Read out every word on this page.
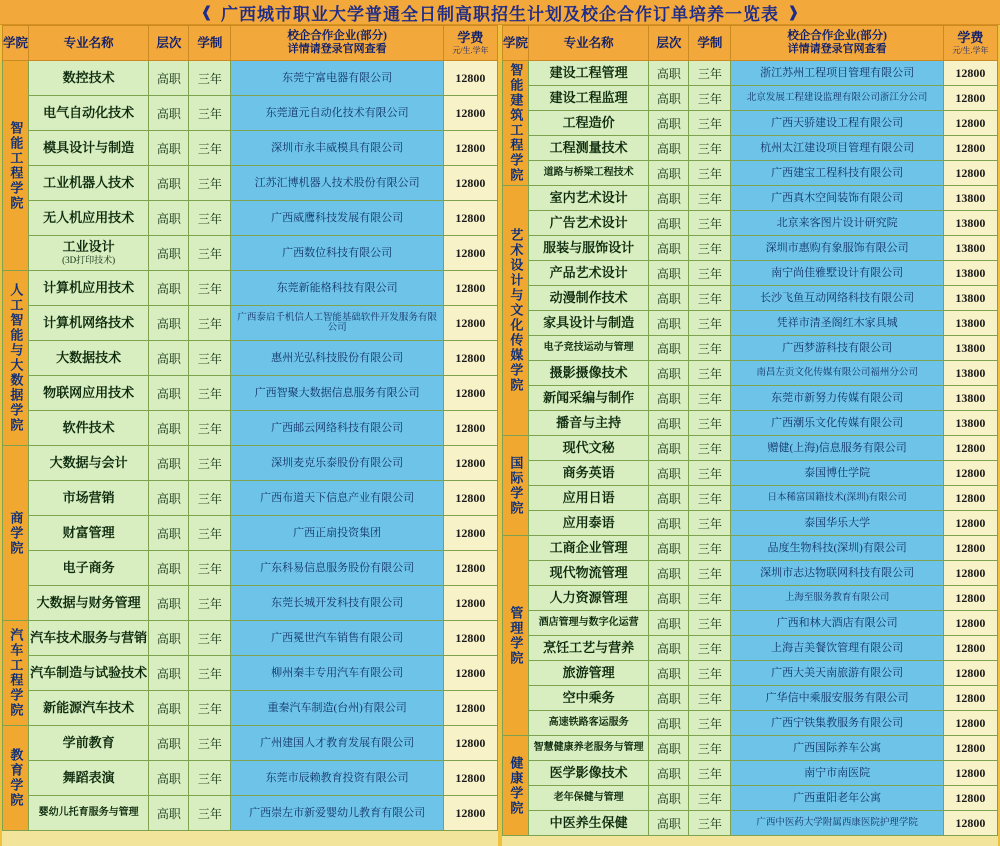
❰ 广西城市职业大学普通全日制高职招生计划及校企合作订单培养一览表 ❱
学院	专业名称	层次	学制	校企合作企业(部分)
详情请登录官网查看	学费
元/生.学年

智能工程学院	数控技术	高职	三年	东莞宁富电器有限公司	12800
	电气自动化技术	高职	三年	东莞道元自动化技术有限公司	12800
	模具设计与制造	高职	三年	深圳市永丰威模具有限公司	12800
	工业机器人技术	高职	三年	江苏汇博机器人技术股份有限公司	12800
	无人机应用技术	高职	三年	广西威鹰科技发展有限公司	12800
	工业设计
(3D打印技术)	高职	三年	广西数位科技有限公司	12800
人工智能与大数据学院	计算机应用技术	高职	三年	东莞新能格科技有限公司	12800
	计算机网络技术	高职	三年	广西泰启千机信人工智能基础软件开发服务有限公司	12800
	大数据技术	高职	三年	惠州光弘科技股份有限公司	12800
	物联网应用技术	高职	三年	广西智聚大数据信息服务有限公司	12800
	软件技术	高职	三年	广西邮云网络科技有限公司	12800
商学院	大数据与会计	高职	三年	深圳麦克乐泰股份有限公司	12800
	市场营销	高职	三年	广西布道天下信息产业有限公司	12800
	财富管理	高职	三年	广西正扇投资集团	12800
	电子商务	高职	三年	广东科易信息服务股份有限公司	12800
	大数据与财务管理	高职	三年	东莞长城开发科技有限公司	12800
汽车工程学院	汽车技术服务与营销	高职	三年	广西冕世汽车销售有限公司	12800
	汽车制造与试验技术	高职	三年	柳州秦丰专用汽车有限公司	12800
	新能源汽车技术	高职	三年	重秦汽车制造(台州)有限公司	12800
教育学院	学前教育	高职	三年	广州建国人才教育发展有限公司	12800
	舞蹈表演	高职	三年	东莞市辰赖教育投资有限公司	12800
	婴幼儿托育服务与管理	高职	三年	广西崇左市新爱婴幼儿教育有限公司	12800
学院	专业名称	层次	学制	校企合作企业(部分)
详情请登录官网查看	学费
元/生.学年

智能建筑工程学院	建设工程管理	高职	三年	浙江苏州工程项目管理有限公司	12800
	建设工程监理	高职	三年	北京发展工程建设监理有限公司浙江分公司	12800
	工程造价	高职	三年	广西天骄建设工程有限公司	12800
	工程测量技术	高职	三年	杭州太江建设项目管理有限公司	12800
	道路与桥梁工程技术	高职	三年	广西建宝工程科技有限公司	12800
艺术设计与文化传媒学院	室内艺术设计	高职	三年	广西真木空间装饰有限公司	13800
	广告艺术设计	高职	三年	北京来客图片设计研究院	13800
	服装与服饰设计	高职	三年	深圳市惠购有象服饰有限公司	13800
	产品艺术设计	高职	三年	南宁尚佳雅墅设计有限公司	13800
	动漫制作技术	高职	三年	长沙飞鱼互动网络科技有限公司	13800
	家具设计与制造	高职	三年	凭祥市清圣阁红木家具城	13800
	电子竞技运动与管理	高职	三年	广西梦游科技有限公司	13800
	摄影摄像技术	高职	三年	南昌左贡文化传媒有限公司福州分公司	13800
	新闻采编与制作	高职	三年	东莞市新努力传媒有限公司	13800
	播音与主持	高职	三年	广西潮乐文化传媒有限公司	13800
国际学院	现代文秘	高职	三年	赠健(上海)信息服务有限公司	12800
	商务英语	高职	三年	泰国博仕学院	12800
	应用日语	高职	三年	日本稀富国籍技术(深圳)有限公司	12800
	应用泰语	高职	三年	泰国华乐大学	12800
管理学院	工商企业管理	高职	三年	品度生物科技(深圳)有限公司	12800
	现代物流管理	高职	三年	深圳市志达物联网科技有限公司	12800
	人力资源管理	高职	三年	上海至服务教育有限公司	12800
	酒店管理与数字化运营	高职	三年	广西和林大酒店有限公司	12800
	烹饪工艺与营养	高职	三年	上海吉美餐饮管理有限公司	12800
	旅游管理	高职	三年	广西大美天南旅游有限公司	12800
	空中乘务	高职	三年	广华信中乘服安服务有限公司	12800
	高速铁路客运服务	高职	三年	广西宁铁集教服务有限公司	12800
健康学院	智慧健康养老服务与管理	高职	三年	广西国际养车公寓	12800
	医学影像技术	高职	三年	南宁市南医院	12800
	老年保健与管理	高职	三年	广西重阳老年公寓	12800
	中医养生保健	高职	三年	广西中医药大学附属西康医院护理学院	12800
